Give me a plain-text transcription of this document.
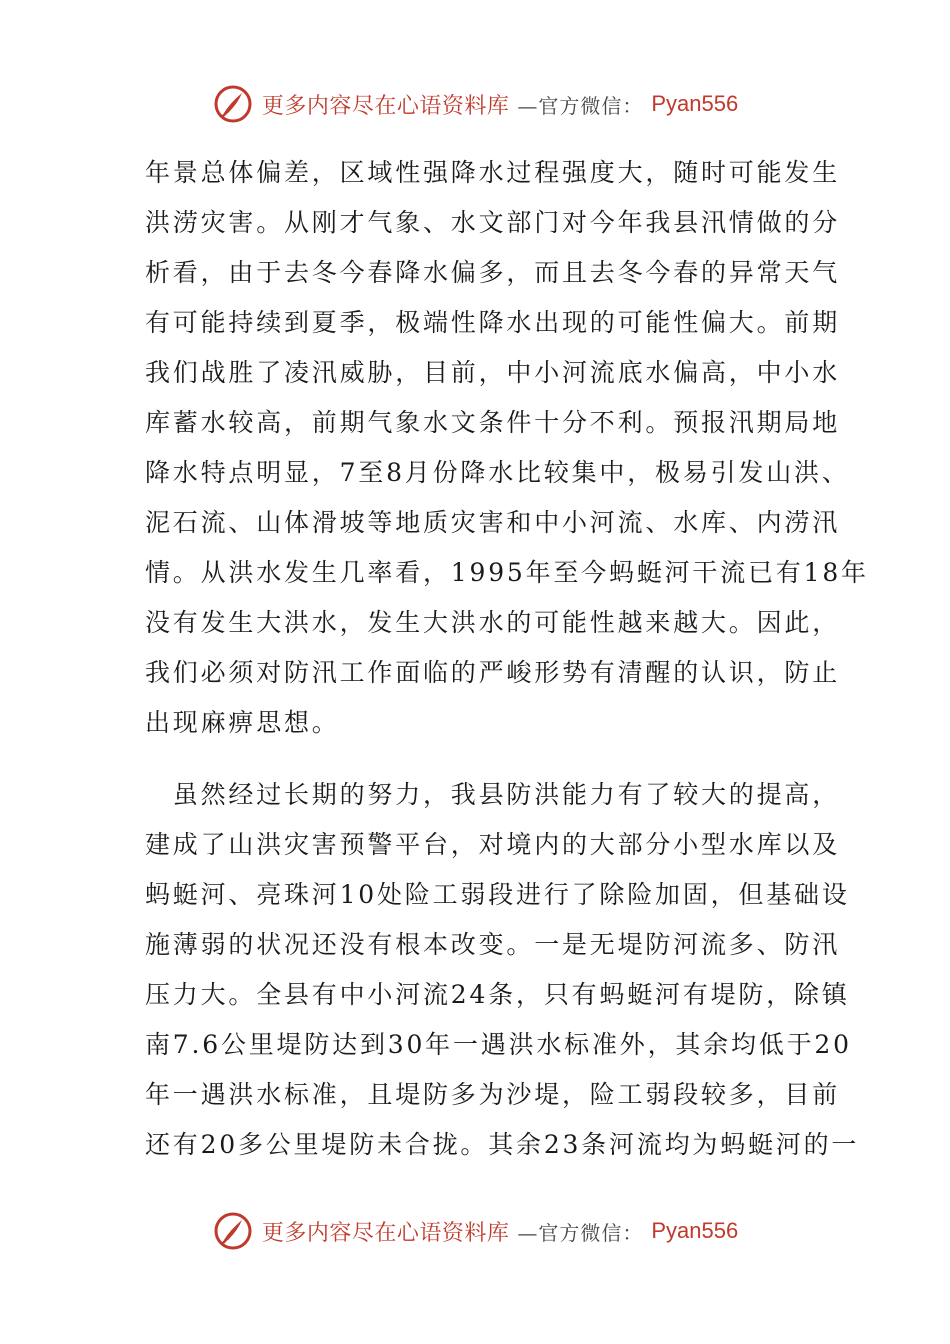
更多内容尽在心语资料库 —官方微信： Pyan556
年景总体偏差，区域性强降水过程强度大，随时可能发生
洪涝灾害。从刚才气象、水文部门对今年我县汛情做的分
析看，由于去冬今春降水偏多，而且去冬今春的异常天气
有可能持续到夏季，极端性降水出现的可能性偏大。前期
我们战胜了凌汛威胁，目前，中小河流底水偏高，中小水
库蓄水较高，前期气象水文条件十分不利。预报汛期局地
降水特点明显，7至8月份降水比较集中，极易引发山洪、
泥石流、山体滑坡等地质灾害和中小河流、水库、内涝汛
情。从洪水发生几率看，1995年至今蚂蜓河干流已有18年
没有发生大洪水，发生大洪水的可能性越来越大。因此，
我们必须对防汛工作面临的严峻形势有清醒的认识，防止
出现麻痹思想。
　虽然经过长期的努力，我县防洪能力有了较大的提高，
建成了山洪灾害预警平台，对境内的大部分小型水库以及
蚂蜓河、亮珠河10处险工弱段进行了除险加固，但基础设
施薄弱的状况还没有根本改变。一是无堤防河流多、防汛
压力大。全县有中小河流24条，只有蚂蜓河有堤防，除镇
南7.6公里堤防达到30年一遇洪水标准外，其余均低于20
年一遇洪水标准，且堤防多为沙堤，险工弱段较多，目前
还有20多公里堤防未合拢。其余23条河流均为蚂蜓河的一
更多内容尽在心语资料库 —官方微信： Pyan556
